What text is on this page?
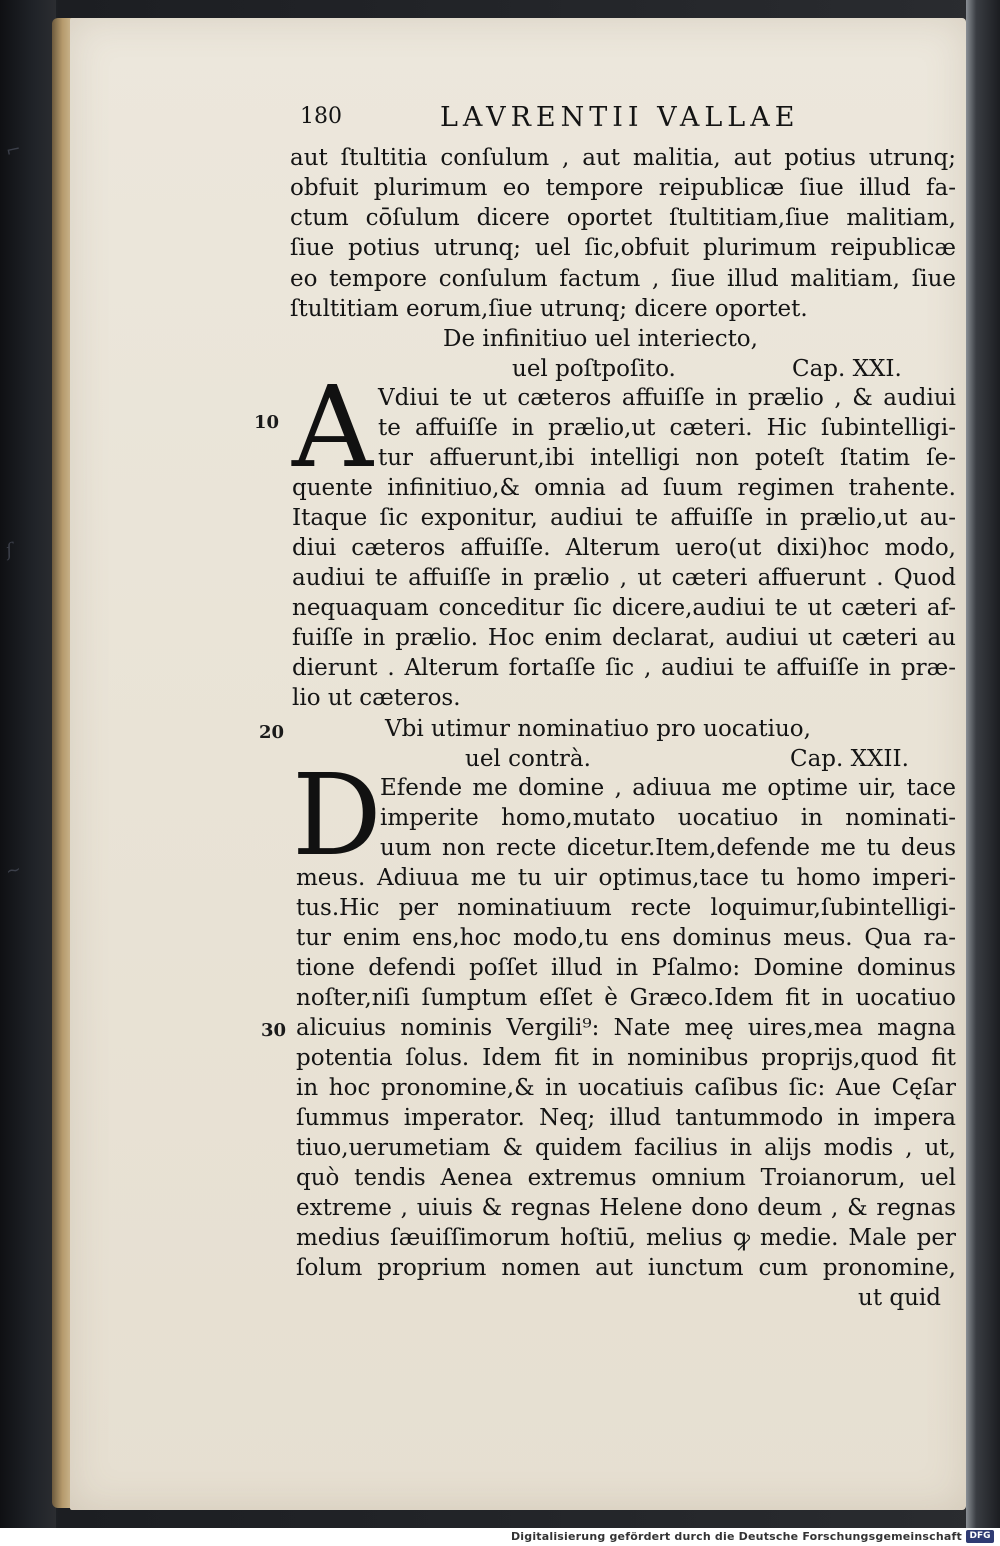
⌐
ſ
~
180	LAVRENTII VALLAE
aut ſtultitia conſulum , aut malitia, aut potius utrunq;
obfuit plurimum eo tempore reipublicæ ſiue illud fa-
ctum cōſulum dicere oportet ſtultitiam,ſiue malitiam,
ſiue potius utrunq; uel ſic,obfuit plurimum reipublicæ
eo tempore conſulum factum , ſiue illud malitiam, ſiue
ſtultitiam eorum,ſiue utrunq; dicere oportet.
De infinitiuo uel interiecto,
uel poſtpoſito.	Cap. XXI.
A
10
Vdiui te ut cæteros affuiſſe in prælio , & audiui
te affuiſſe in prælio,ut cæteri. Hic ſubintelligi-
tur affuerunt,ibi intelligi non poteſt ſtatim ſe-
quente infinitiuo,& omnia ad ſuum regimen trahente.
Itaque ſic exponitur, audiui te affuiſſe in prælio,ut au-
diui cæteros affuiſſe. Alterum uero(ut dixi)hoc modo,
audiui te affuiſſe in prælio , ut cæteri affuerunt . Quod
nequaquam conceditur ſic dicere,audiui te ut cæteri af-
fuiſſe in prælio. Hoc enim declarat, audiui ut cæteri au
dierunt . Alterum fortaſſe ſic , audiui te affuiſſe in præ-
lio ut cæteros.
20	Vbi utimur nominatiuo pro uocatiuo,
uel contrà.	Cap. XXII.
D
Efende me domine , adiuua me optime uir, tace
imperite homo,mutato uocatiuo in nominati-
uum non recte dicetur.Item,defende me tu deus
meus. Adiuua me tu uir optimus,tace tu homo imperi-
tus.Hic per nominatiuum recte loquimur,ſubintelligi-
tur enim ens,hoc modo,tu ens dominus meus. Qua ra-
tione defendi poſſet illud in Pſalmo: Domine dominus
noſter,niſi ſumptum eſſet è Græco.Idem fit in uocatiuo
alicuius nominis Vergili⁹: Nate meę uires,mea magna
potentia ſolus. Idem fit in nominibus proprijs,quod fit
in hoc pronomine,& in uocatiuis caſibus ſic: Aue Cęſar
ſummus imperator. Neq; illud tantummodo in impera
tiuo,uerumetiam & quidem facilius in alijs modis , ut,
quò tendis Aenea extremus omnium Troianorum, uel
extreme , uiuis & regnas Helene dono deum , & regnas
medius ſæuiſſimorum hoſtiū, melius ꝙ medie. Male per
ſolum proprium nomen aut iunctum cum pronomine,
ut quid
30
Digitalisierung gefördert durch die Deutsche Forschungsgemeinschaft DFG
